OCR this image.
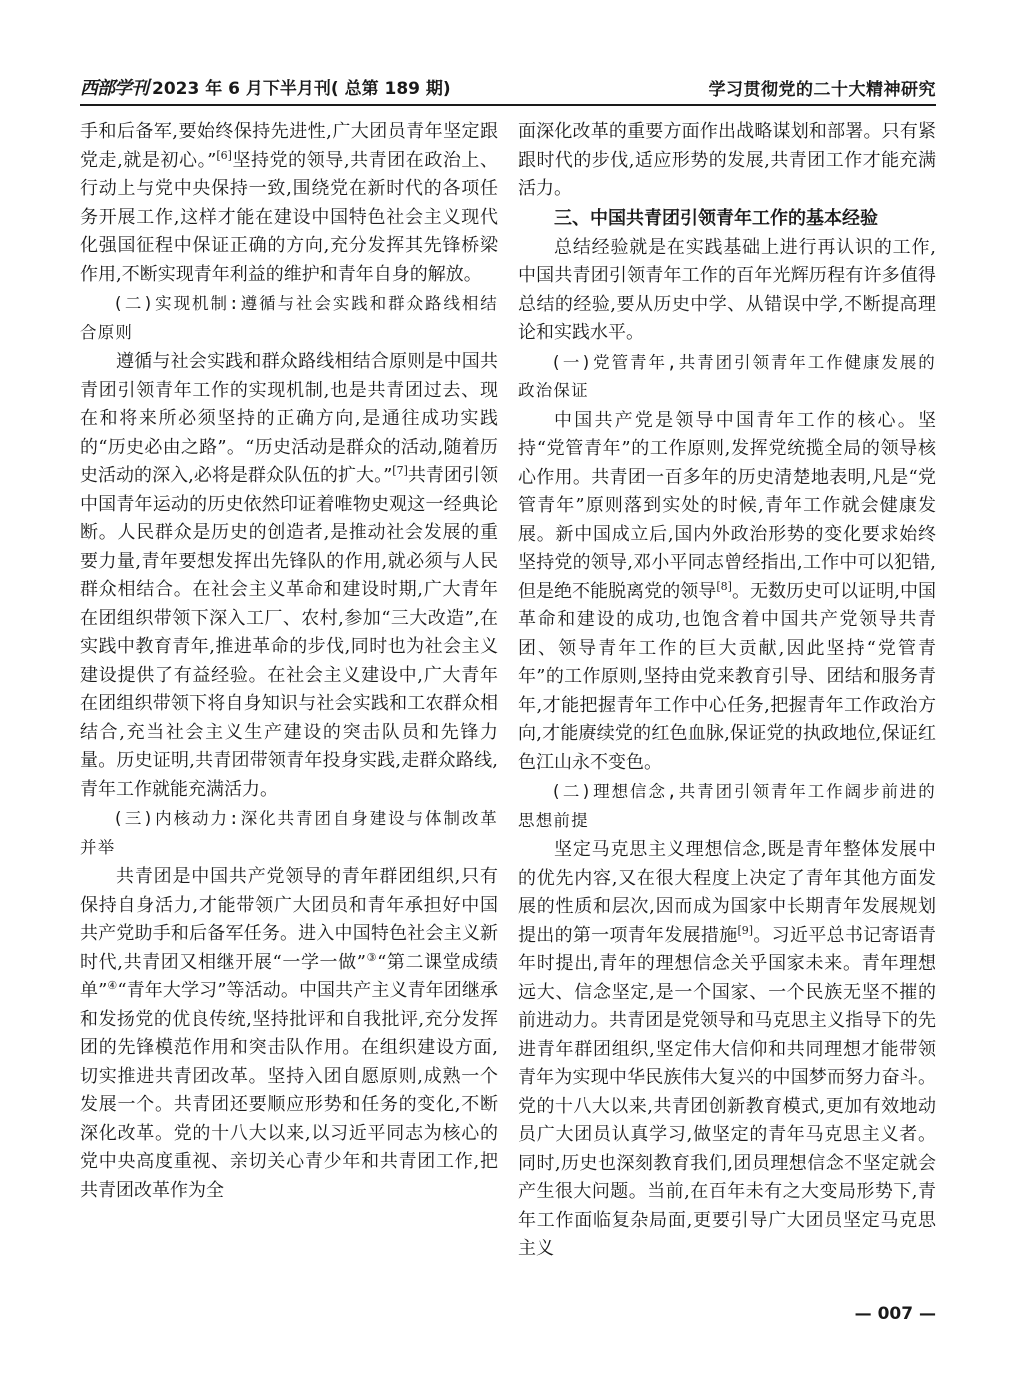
西部学刊 2023 年 6 月下半月刊( 总第 189 期)	学习贯彻党的二十大精神研究

手和后备军,要始终保持先进性,广大团员青年坚定跟党走,就是初心。”[6]坚持党的领导,共青团在政治上、行动上与党中央保持一致,围绕党在新时代的各项任务开展工作,这样才能在建设中国特色社会主义现代化强国征程中保证正确的方向,充分发挥其先锋桥梁作用,不断实现青年利益的维护和青年自身的解放。

(二)实现机制:遵循与社会实践和群众路线相结合原则

遵循与社会实践和群众路线相结合原则是中国共青团引领青年工作的实现机制,也是共青团过去、现在和将来所必须坚持的正确方向,是通往成功实践的“历史必由之路”。“历史活动是群众的活动,随着历史活动的深入,必将是群众队伍的扩大。”[7]共青团引领中国青年运动的历史依然印证着唯物史观这一经典论断。人民群众是历史的创造者,是推动社会发展的重要力量,青年要想发挥出先锋队的作用,就必须与人民群众相结合。在社会主义革命和建设时期,广大青年在团组织带领下深入工厂、农村,参加“三大改造”,在实践中教育青年,推进革命的步伐,同时也为社会主义建设提供了有益经验。在社会主义建设中,广大青年在团组织带领下将自身知识与社会实践和工农群众相结合,充当社会主义生产建设的突击队员和先锋力量。历史证明,共青团带领青年投身实践,走群众路线,青年工作就能充满活力。

(三)内核动力:深化共青团自身建设与体制改革并举

共青团是中国共产党领导的青年群团组织,只有保持自身活力,才能带领广大团员和青年承担好中国共产党助手和后备军任务。进入中国特色社会主义新时代,共青团又相继开展“一学一做”③“第二课堂成绩单”④“青年大学习”等活动。中国共产主义青年团继承和发扬党的优良传统,坚持批评和自我批评,充分发挥团的先锋模范作用和突击队作用。在组织建设方面,切实推进共青团改革。坚持入团自愿原则,成熟一个发展一个。共青团还要顺应形势和任务的变化,不断深化改革。党的十八大以来,以习近平同志为核心的党中央高度重视、亲切关心青少年和共青团工作,把共青团改革作为全

面深化改革的重要方面作出战略谋划和部署。只有紧跟时代的步伐,适应形势的发展,共青团工作才能充满活力。

三、中国共青团引领青年工作的基本经验

总结经验就是在实践基础上进行再认识的工作,中国共青团引领青年工作的百年光辉历程有许多值得总结的经验,要从历史中学、从错误中学,不断提高理论和实践水平。

(一)党管青年,共青团引领青年工作健康发展的政治保证

中国共产党是领导中国青年工作的核心。坚持“党管青年”的工作原则,发挥党统揽全局的领导核心作用。共青团一百多年的历史清楚地表明,凡是“党管青年”原则落到实处的时候,青年工作就会健康发展。新中国成立后,国内外政治形势的变化要求始终坚持党的领导,邓小平同志曾经指出,工作中可以犯错,但是绝不能脱离党的领导[8]。无数历史可以证明,中国革命和建设的成功,也饱含着中国共产党领导共青团、领导青年工作的巨大贡献,因此坚持“党管青年”的工作原则,坚持由党来教育引导、团结和服务青年,才能把握青年工作中心任务,把握青年工作政治方向,才能赓续党的红色血脉,保证党的执政地位,保证红色江山永不变色。

(二)理想信念,共青团引领青年工作阔步前进的思想前提

坚定马克思主义理想信念,既是青年整体发展中的优先内容,又在很大程度上决定了青年其他方面发展的性质和层次,因而成为国家中长期青年发展规划提出的第一项青年发展措施[9]。习近平总书记寄语青年时提出,青年的理想信念关乎国家未来。青年理想远大、信念坚定,是一个国家、一个民族无坚不摧的前进动力。共青团是党领导和马克思主义指导下的先进青年群团组织,坚定伟大信仰和共同理想才能带领青年为实现中华民族伟大复兴的中国梦而努力奋斗。党的十八大以来,共青团创新教育模式,更加有效地动员广大团员认真学习,做坚定的青年马克思主义者。同时,历史也深刻教育我们,团员理想信念不坚定就会产生很大问题。当前,在百年未有之大变局形势下,青年工作面临复杂局面,更要引导广大团员坚定马克思主义

— 007 —
